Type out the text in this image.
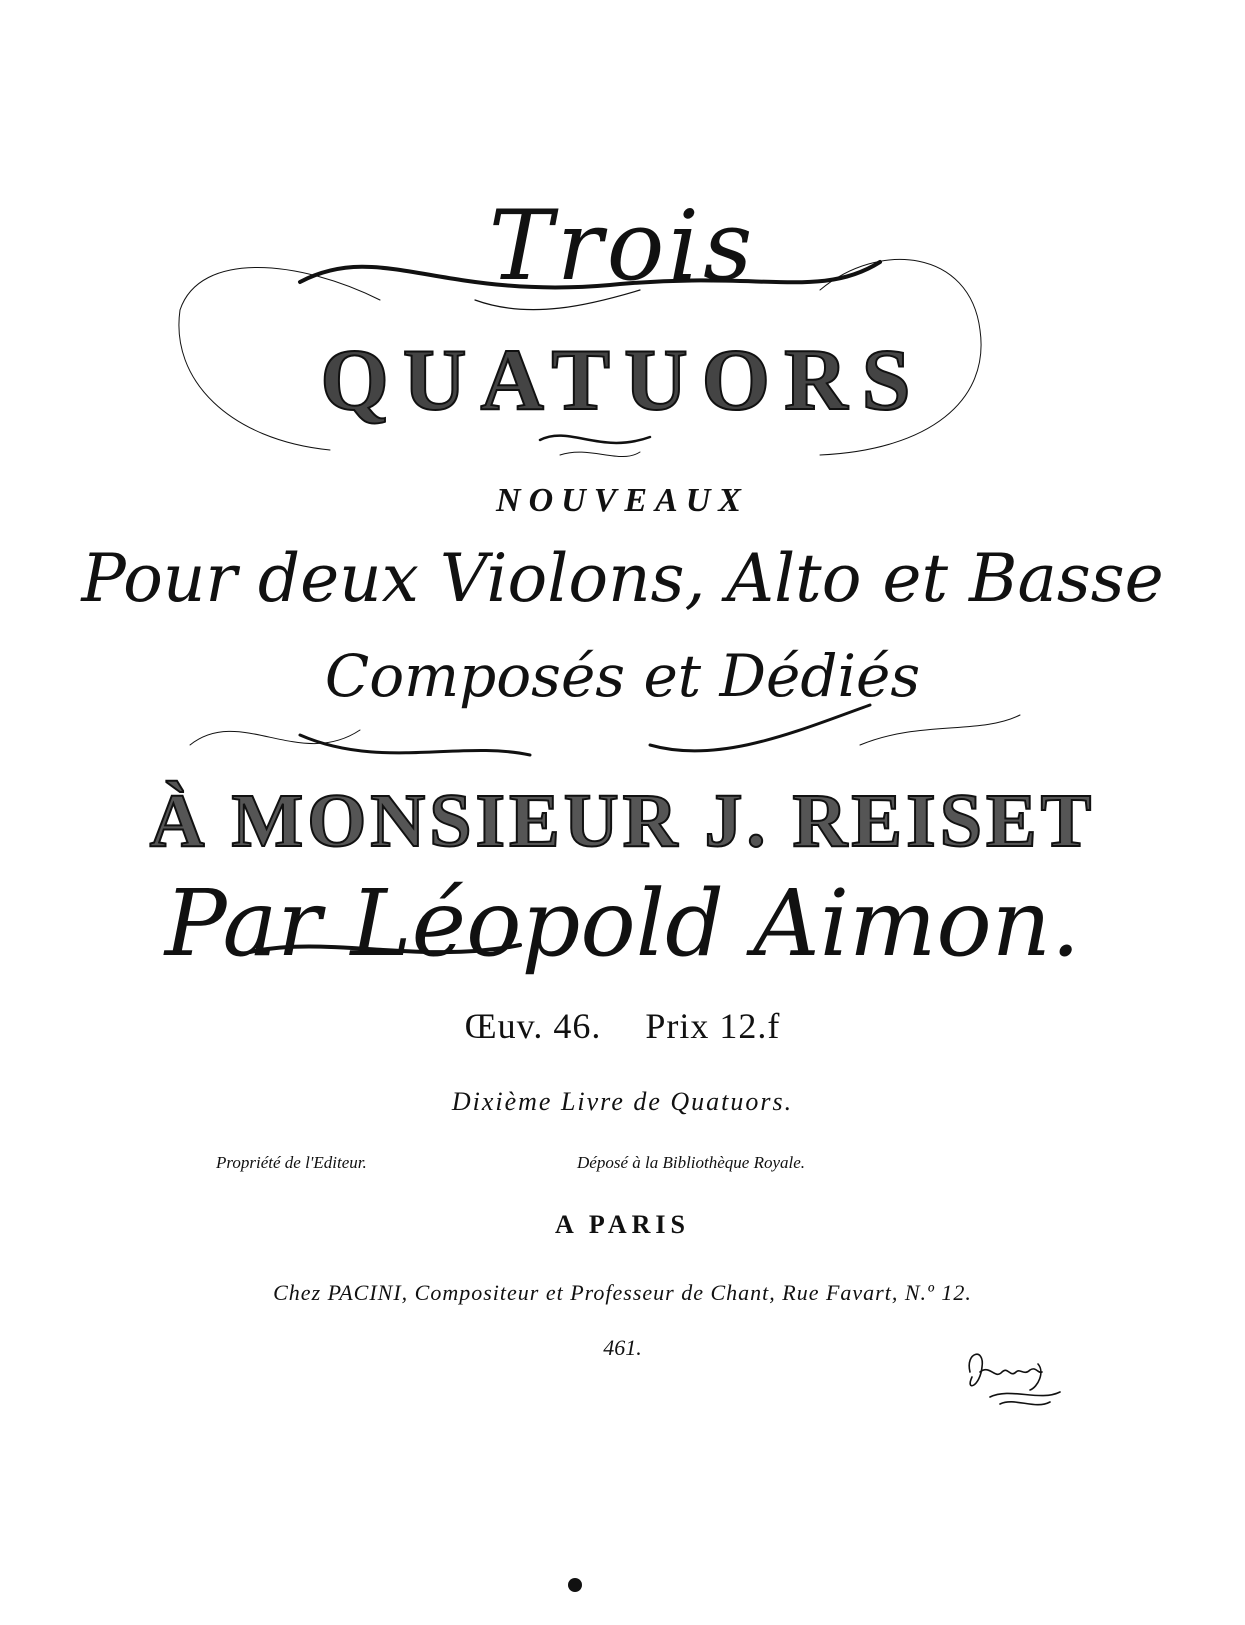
Trois
QUATUORS
NOUVEAUX
Pour deux Violons, Alto et Basse
Composés et Dédiés
À MONSIEUR J. REISET
Par Léopold Aimon.
Œuv. 46. Prix 12.f
Dixième Livre de Quatuors.
Propriété de l'Editeur.	Déposé à la Bibliothèque Royale.
A PARIS
Chez PACINI, Compositeur et Professeur de Chant, Rue Favart, N.º 12.
461.
